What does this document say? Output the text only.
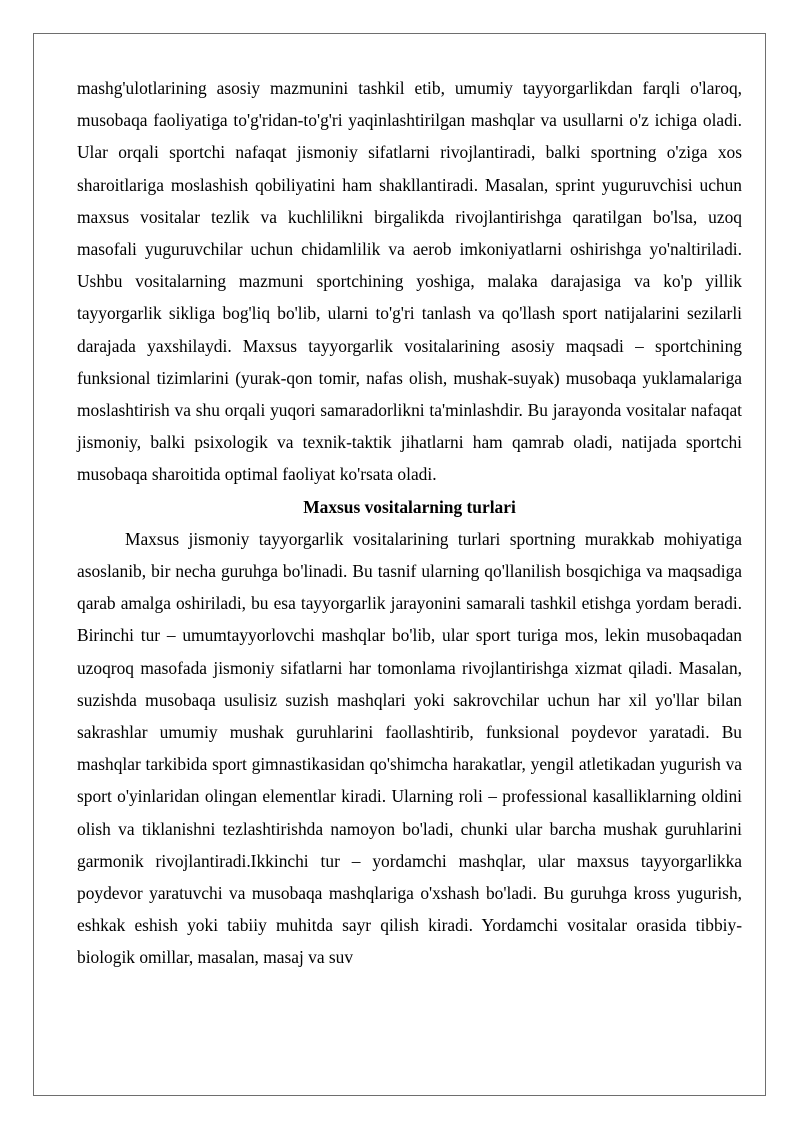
mashg'ulotlarining asosiy mazmunini tashkil etib, umumiy tayyorgarlikdan farqli o'laroq, musobaqa faoliyatiga to'g'ridan-to'g'ri yaqinlashtirilgan mashqlar va usullarni o'z ichiga oladi. Ular orqali sportchi nafaqat jismoniy sifatlarni rivojlantiradi, balki sportning o'ziga xos sharoitlariga moslashish qobiliyatini ham shakllantiradi. Masalan, sprint yuguruvchisi uchun maxsus vositalar tezlik va kuchlilikni birgalikda rivojlantirishga qaratilgan bo'lsa, uzoq masofali yuguruvchilar uchun chidamlilik va aerob imkoniyatlarni oshirishga yo'naltiriladi. Ushbu vositalarning mazmuni sportchining yoshiga, malaka darajasiga va ko'p yillik tayyorgarlik sikliga bog'liq bo'lib, ularni to'g'ri tanlash va qo'llash sport natijalarini sezilarli darajada yaxshilaydi. Maxsus tayyorgarlik vositalarining asosiy maqsadi – sportchining funksional tizimlarini (yurak-qon tomir, nafas olish, mushak-suyak) musobaqa yuklamalariga moslashtirish va shu orqali yuqori samaradorlikni ta'minlashdir. Bu jarayonda vositalar nafaqat jismoniy, balki psixologik va texnik-taktik jihatlarni ham qamrab oladi, natijada sportchi musobaqa sharoitida optimal faoliyat ko'rsata oladi.

Maxsus vositalarning turlari

Maxsus jismoniy tayyorgarlik vositalarining turlari sportning murakkab mohiyatiga asoslanib, bir necha guruhga bo'linadi. Bu tasnif ularning qo'llanilish bosqichiga va maqsadiga qarab amalga oshiriladi, bu esa tayyorgarlik jarayonini samarali tashkil etishga yordam beradi. Birinchi tur – umumtayyorlovchi mashqlar bo'lib, ular sport turiga mos, lekin musobaqadan uzoqroq masofada jismoniy sifatlarni har tomonlama rivojlantirishga xizmat qiladi. Masalan, suzishda musobaqa usulisiz suzish mashqlari yoki sakrovchilar uchun har xil yo'llar bilan sakrashlar umumiy mushak guruhlarini faollashtirib, funksional poydevor yaratadi. Bu mashqlar tarkibida sport gimnastikasidan qo'shimcha harakatlar, yengil atletikadan yugurish va sport o'yinlaridan olingan elementlar kiradi. Ularning roli – professional kasalliklarning oldini olish va tiklanishni tezlashtirishda namoyon bo'ladi, chunki ular barcha mushak guruhlarini garmonik rivojlantiradi.Ikkinchi tur – yordamchi mashqlar, ular maxsus tayyorgarlikka poydevor yaratuvchi va musobaqa mashqlariga o'xshash bo'ladi. Bu guruhga kross yugurish, eshkak eshish yoki tabiiy muhitda sayr qilish kiradi. Yordamchi vositalar orasida tibbiy-biologik omillar, masalan, masaj va suv
